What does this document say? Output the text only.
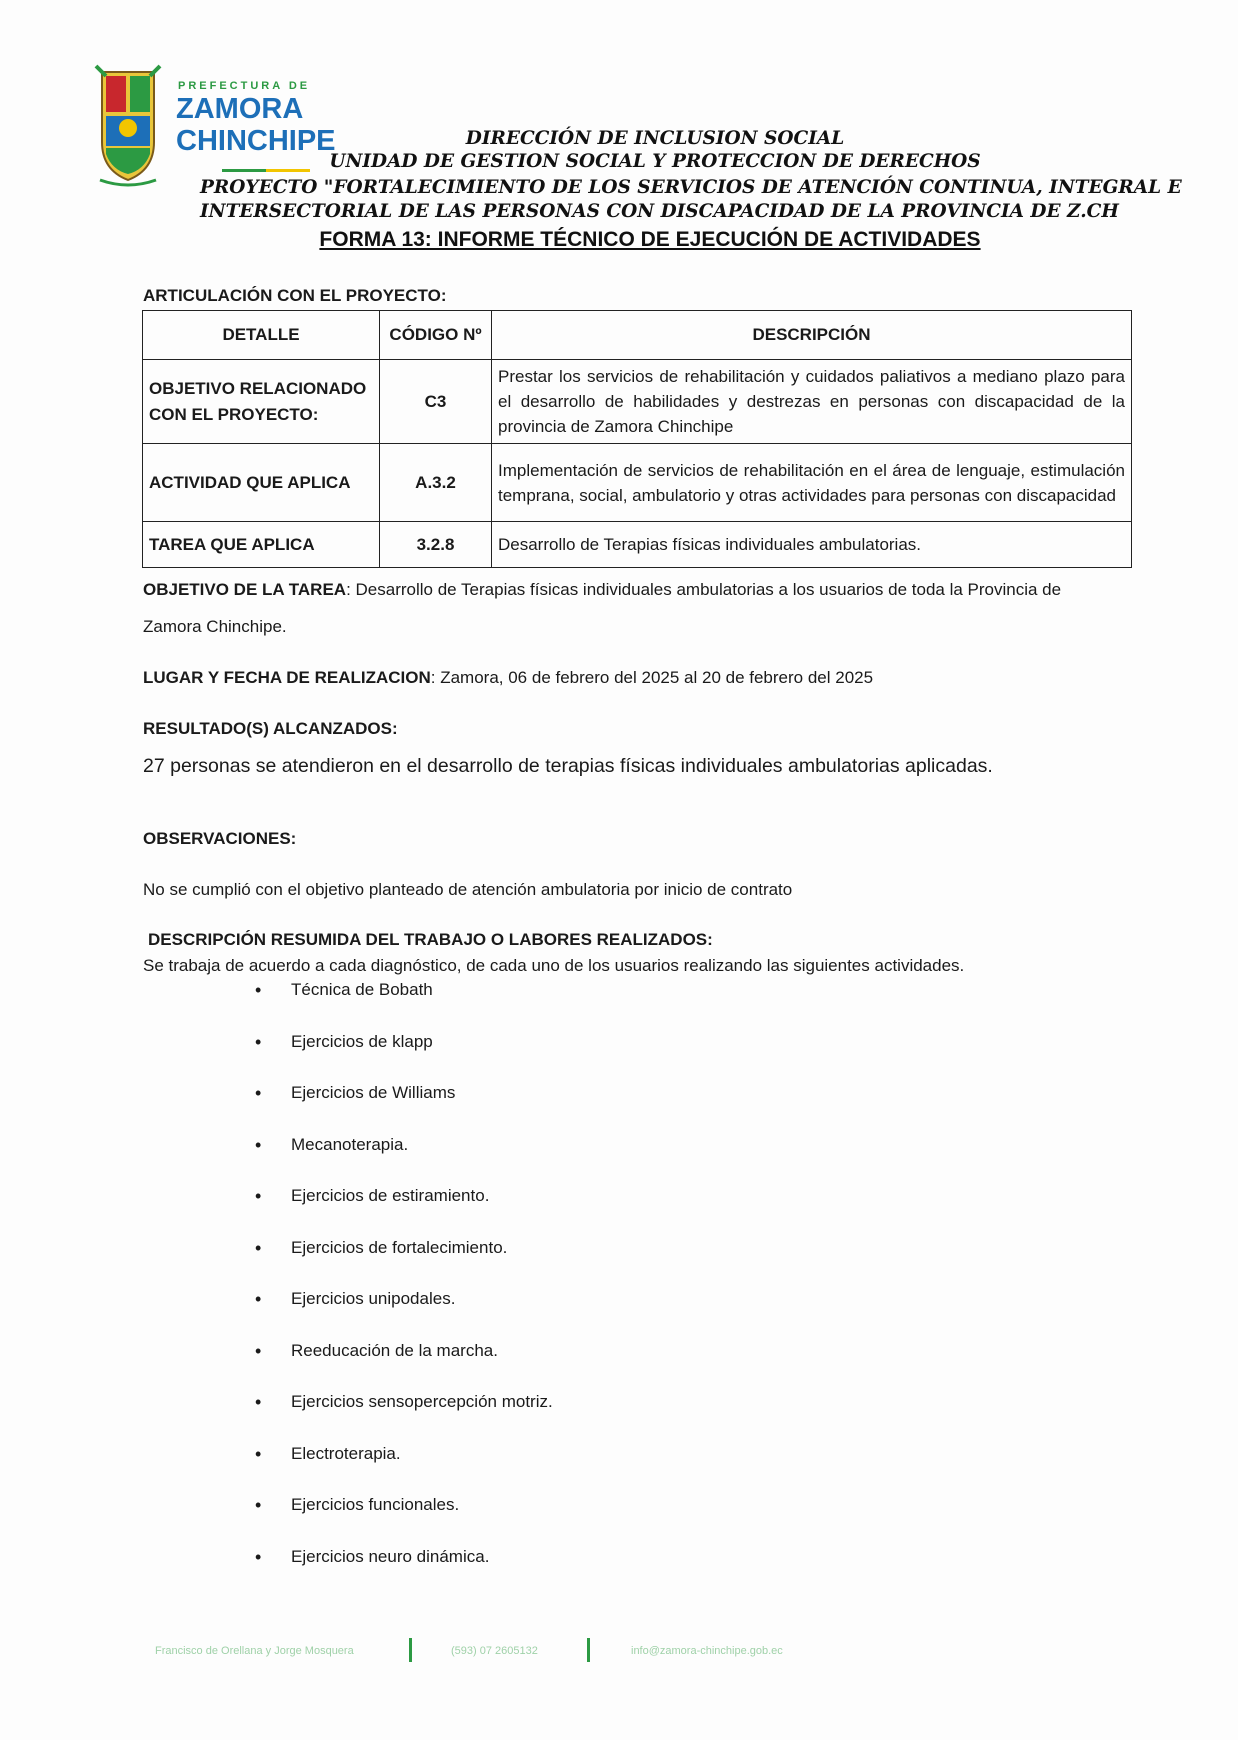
PREFECTURA DE
ZAMORA
CHINCHIPE	DIRECCIÓN DE INCLUSION SOCIAL
UNIDAD DE GESTION SOCIAL Y PROTECCION DE DERECHOS
PROYECTO "FORTALECIMIENTO DE LOS SERVICIOS DE ATENCIÓN CONTINUA, INTEGRAL E
INTERSECTORIAL DE LAS PERSONAS CON DISCAPACIDAD DE LA PROVINCIA DE Z.CH
FORMA 13: INFORME TÉCNICO DE EJECUCIÓN DE ACTIVIDADES
ARTICULACIÓN CON EL PROYECTO:
DETALLE	CÓDIGO Nº	DESCRIPCIÓN
OBJETIVO RELACIONADO CON EL PROYECTO:	C3	Prestar los servicios de rehabilitación y cuidados paliativos a mediano plazo para el desarrollo de habilidades y destrezas en personas con discapacidad de la provincia de Zamora Chinchipe
ACTIVIDAD QUE APLICA	A.3.2	Implementación de servicios de rehabilitación en el área de lenguaje, estimulación temprana, social, ambulatorio y otras actividades para personas con discapacidad
TAREA QUE APLICA	3.2.8	Desarrollo de Terapias físicas individuales ambulatorias.
OBJETIVO DE LA TAREA: Desarrollo de Terapias físicas individuales ambulatorias a los usuarios de toda la Provincia de
Zamora Chinchipe.
LUGAR Y FECHA DE REALIZACION: Zamora, 06 de febrero del 2025 al 20 de febrero del 2025
RESULTADO(S) ALCANZADOS:
27 personas se atendieron en el desarrollo de terapias físicas individuales ambulatorias aplicadas.
OBSERVACIONES:
No se cumplió con el objetivo planteado de atención ambulatoria por inicio de contrato
DESCRIPCIÓN RESUMIDA DEL TRABAJO O LABORES REALIZADOS:
Se trabaja de acuerdo a cada diagnóstico, de cada uno de los usuarios realizando las siguientes actividades.
• Técnica de Bobath
• Ejercicios de klapp
• Ejercicios de Williams
• Mecanoterapia.
• Ejercicios de estiramiento.
• Ejercicios de fortalecimiento.
• Ejercicios unipodales.
• Reeducación de la marcha.
• Ejercicios sensopercepción motriz.
• Electroterapia.
• Ejercicios funcionales.
• Ejercicios neuro dinámica.
Francisco de Orellana y Jorge Mosquera	(593) 07 2605132	info@zamora-chinchipe.gob.ec
